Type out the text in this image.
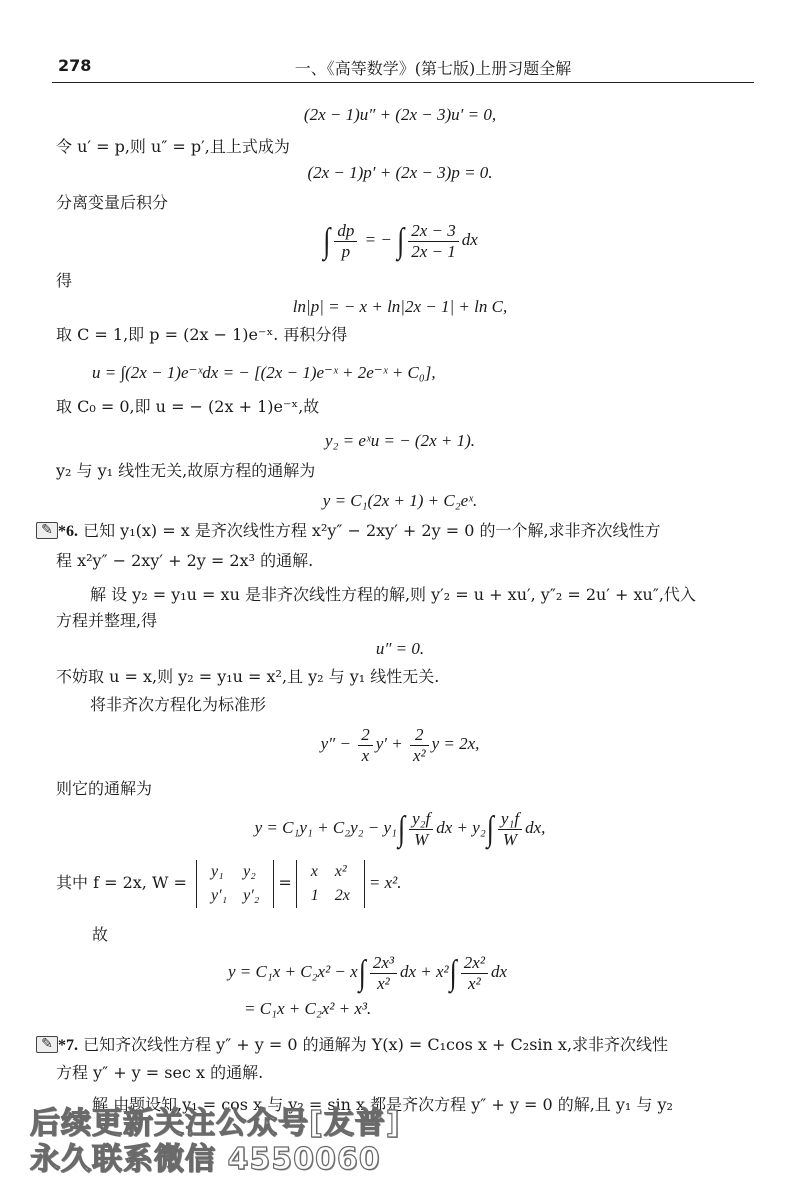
278	一、《高等数学》(第七版)上册习题全解
(2x − 1)u″ + (2x − 3)u′ = 0,
令 u′ = p,则 u″ = p′,且上式成为
(2x − 1)p′ + (2x − 3)p = 0.
分离变量后积分
∫ $\frac{dp}{p}$ = − ∫ $\frac{2x - 3}{2x - 1}$ dx
得
ln|p| = − x + ln|2x − 1| + ln C,
取 C = 1,即 p = (2x − 1)e⁻ˣ. 再积分得
u = ∫(2x − 1)e⁻ˣdx = − [(2x − 1)e⁻ˣ + 2e⁻ˣ + C₀],
取 C₀ = 0,即 u = − (2x + 1)e⁻ˣ,故
y₂ = eˣu = − (2x + 1).
y₂ 与 y₁ 线性无关,故原方程的通解为
y = C₁(2x + 1) + C₂eˣ.
✎ *6. 已知 y₁(x) = x 是齐次线性方程 x²y″ − 2xy′ + 2y = 0 的一个解,求非齐次线性方
程 x²y″ − 2xy′ + 2y = 2x³ 的通解.
解 设 y₂ = y₁u = xu 是非齐次线性方程的解,则 y′₂ = u + xu′, y″₂ = 2u′ + xu″,代入
方程并整理,得
u″ = 0.
不妨取 u = x,则 y₂ = y₁u = x²,且 y₂ 与 y₁ 线性无关.
将非齐次方程化为标准形
$y'' - \frac{2}{x} y' + \frac{2}{\text{x²}}$ y = 2x,
则它的通解为
$y = C_1y_1 + C_2y_2 - y_1\int \frac{\text{y₂f}}{W}$ dx + $y_2\int \frac{\text{y₁f}}{W}$ dx,
其中 f = 2x, W =
y₁	y₂
y′₁	y′₂
=
x	x²
1	2x
= x².
故
$y = C_1x + C_2x^2 - x\int \frac{\text{2x³}}{\text{x²}}$ dx + $x^2\int \frac{\text{2x²}}{\text{x²}}$ dx
= C₁x + C₂x² + x³.
✎ *7. 已知齐次线性方程 y″ + y = 0 的通解为 Y(x) = C₁cos x + C₂sin x,求非齐次线性
方程 y″ + y = sec x 的通解.
解 由题设知,y₁ = cos x 与 y₂ = sin x 都是齐次方程 y″ + y = 0 的解,且 y₁ 与 y₂
后续更新关注公众号[友普]
永久联系微信 4550060
